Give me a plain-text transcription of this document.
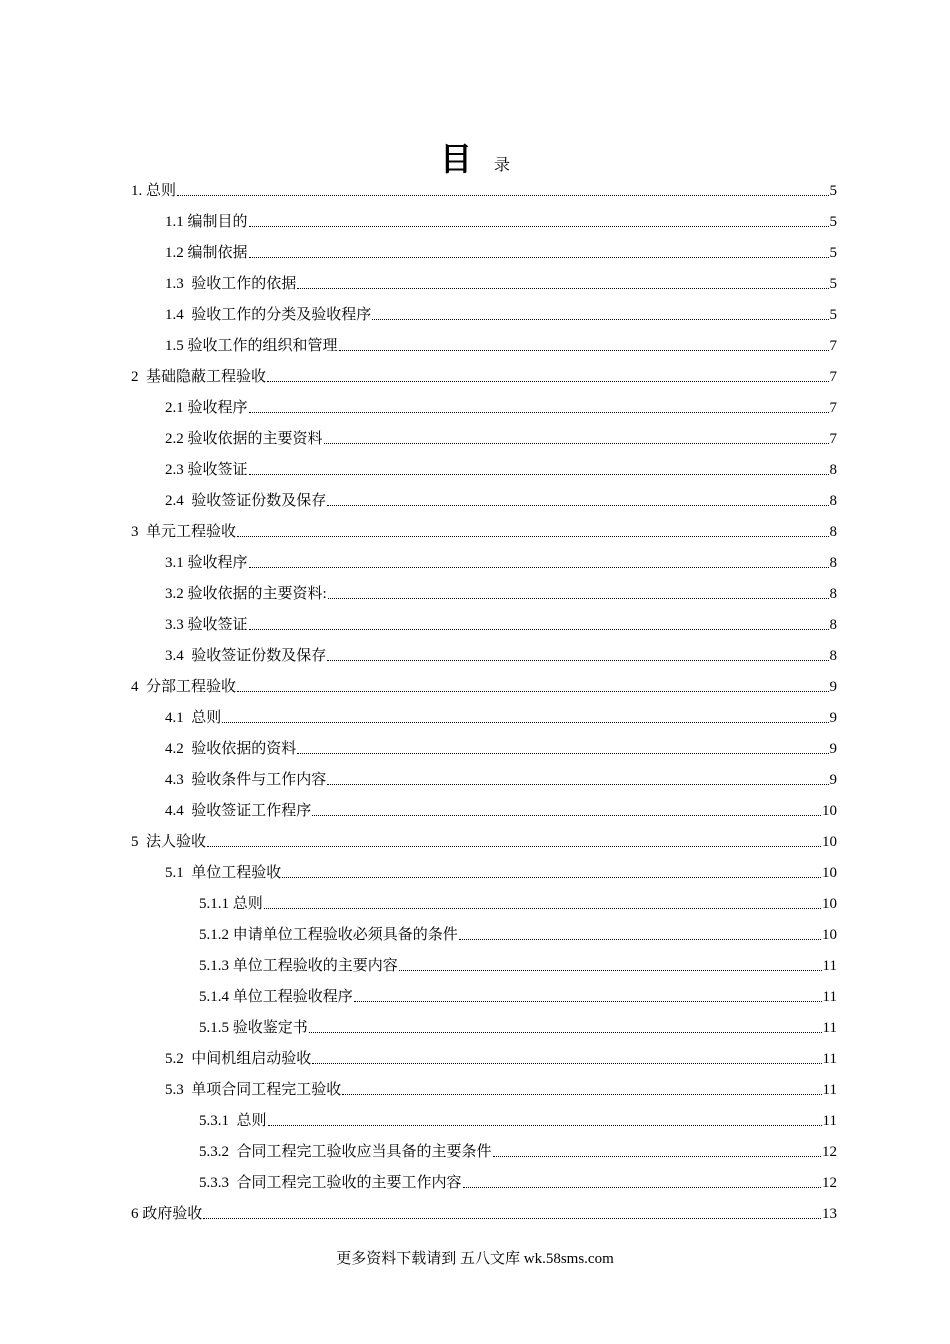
目 录
1. 总则	5
1.1 编制目的	5
1.2 编制依据	5
1.3  验收工作的依据	5
1.4  验收工作的分类及验收程序	5
1.5 验收工作的组织和管理	7
2  基础隐蔽工程验收	7
2.1 验收程序	7
2.2 验收依据的主要资料	7
2.3 验收签证	8
2.4  验收签证份数及保存	8
3  单元工程验收	8
3.1 验收程序	8
3.2 验收依据的主要资料:	8
3.3 验收签证	8
3.4  验收签证份数及保存	8
4  分部工程验收	9
4.1  总则	9
4.2  验收依据的资料	9
4.3  验收条件与工作内容	9
4.4  验收签证工作程序	10
5  法人验收	10
5.1  单位工程验收	10
5.1.1 总则	10
5.1.2 申请单位工程验收必须具备的条件	10
5.1.3 单位工程验收的主要内容	11
5.1.4 单位工程验收程序	11
5.1.5 验收鉴定书	11
5.2  中间机组启动验收	11
5.3  单项合同工程完工验收	11
5.3.1  总则	11
5.3.2  合同工程完工验收应当具备的主要条件	12
5.3.3  合同工程完工验收的主要工作内容	12
6 政府验收	13
更多资料下载请到 五八文库 wk.58sms.com
